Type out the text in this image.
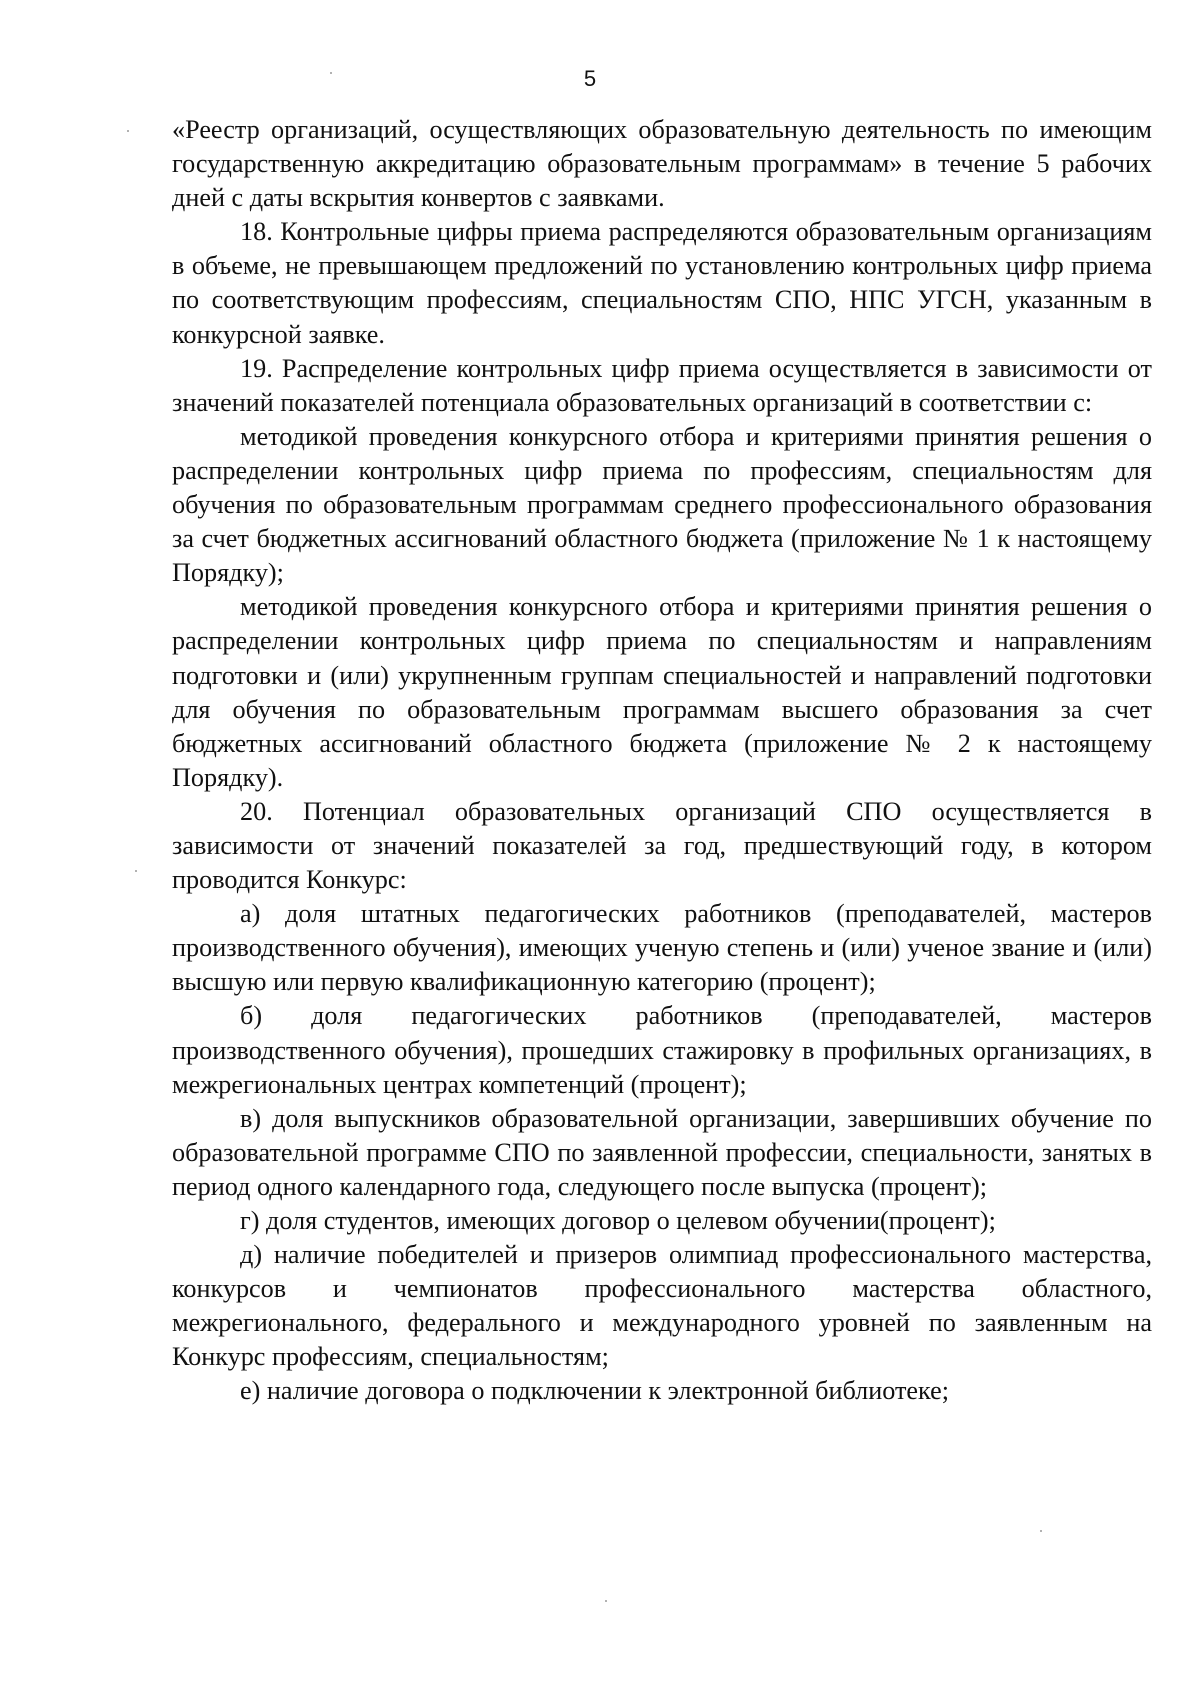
5

«Реестр организаций, осуществляющих образовательную деятельность по имеющим государственную аккредитацию образовательным программам» в течение 5 рабочих дней с даты вскрытия конвертов с заявками.

18. Контрольные цифры приема распределяются образовательным организациям в объеме, не превышающем предложений по установлению контрольных цифр приема по соответствующим профессиям, специальностям СПО, НПС УГСН, указанным в конкурсной заявке.

19. Распределение контрольных цифр приема осуществляется в зависимости от значений показателей потенциала образовательных организаций в соответствии с:

методикой проведения конкурсного отбора и критериями принятия решения о распределении контрольных цифр приема по профессиям, специальностям для обучения по образовательным программам среднего профессионального образования за счет бюджетных ассигнований областного бюджета (приложение № 1 к настоящему Порядку);

методикой проведения конкурсного отбора и критериями принятия решения о распределении контрольных цифр приема по специальностям и направлениям подготовки и (или) укрупненным группам специальностей и направлений подготовки для обучения по образовательным программам высшего образования за счет бюджетных ассигнований областного бюджета (приложение № 2 к настоящему Порядку).

20. Потенциал образовательных организаций СПО осуществляется в зависимости от значений показателей за год, предшествующий году, в котором проводится Конкурс:

а) доля штатных педагогических работников (преподавателей, мастеров производственного обучения), имеющих ученую степень и (или) ученое звание и (или) высшую или первую квалификационную категорию (процент);

б) доля педагогических работников (преподавателей, мастеров производственного обучения), прошедших стажировку в профильных организациях, в межрегиональных центрах компетенций (процент);

в) доля выпускников образовательной организации, завершивших обучение по образовательной программе СПО по заявленной профессии, специальности, занятых в период одного календарного года, следующего после выпуска (процент);

г) доля студентов, имеющих договор о целевом обучении(процент);

д) наличие победителей и призеров олимпиад профессионального мастерства, конкурсов и чемпионатов профессионального мастерства областного, межрегионального, федерального и международного уровней по заявленным на Конкурс профессиям, специальностям;

е) наличие договора о подключении к электронной библиотеке;
